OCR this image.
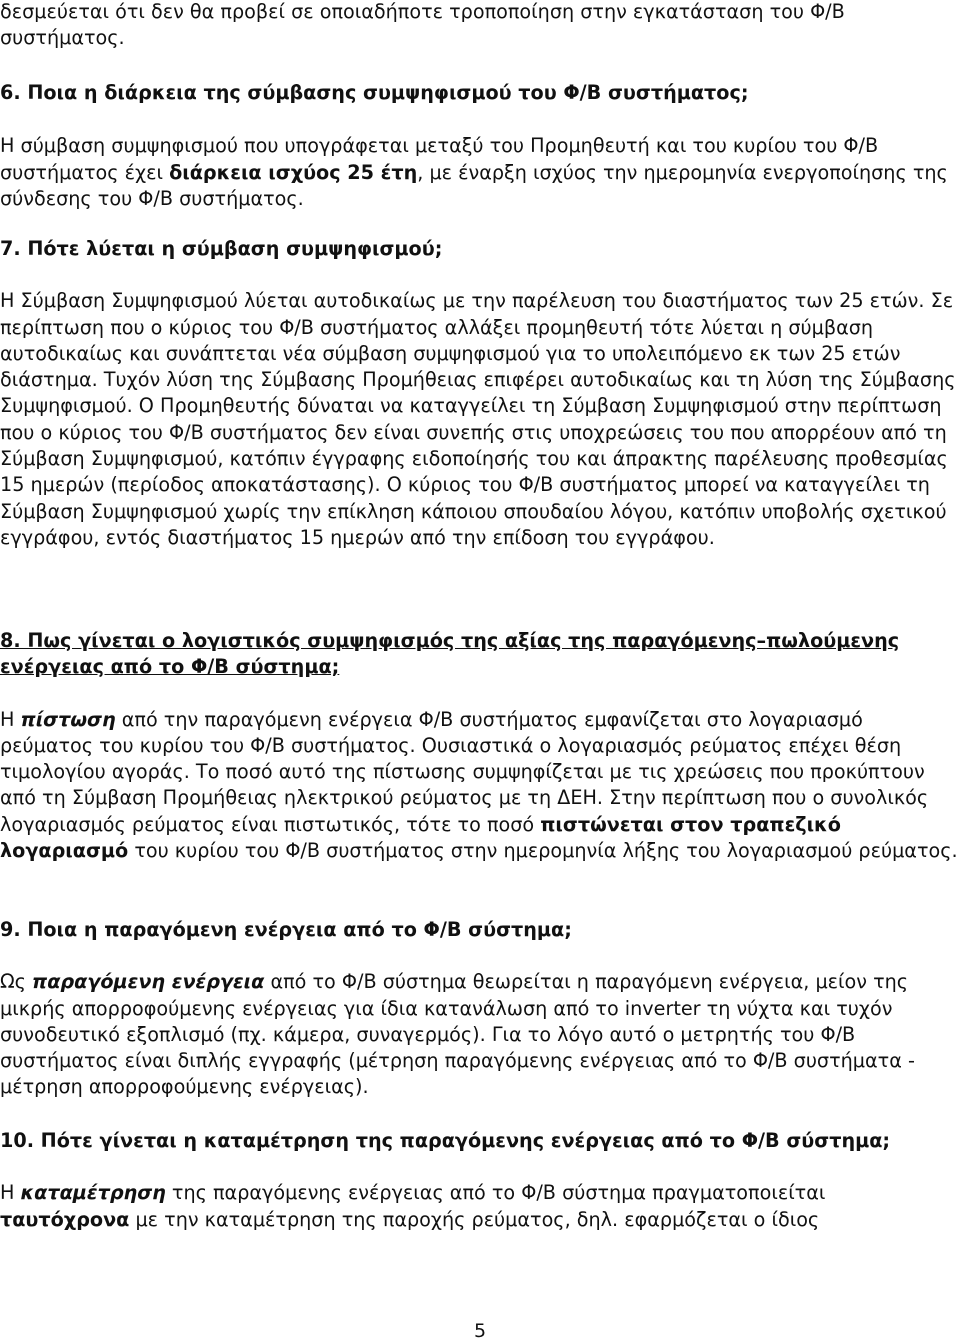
δεσμεύεται ότι δεν θα προβεί σε οποιαδήποτε τροποποίηση στην εγκατάσταση του Φ/Β συστήματος.

6. Ποια η διάρκεια της σύμβασης συμψηφισμού του Φ/Β συστήματος;

Η σύμβαση συμψηφισμού που υπογράφεται μεταξύ του Προμηθευτή και του κυρίου του Φ/Β συστήματος έχει διάρκεια ισχύος 25 έτη, με έναρξη ισχύος την ημερομηνία ενεργοποίησης της σύνδεσης του Φ/Β συστήματος.

7. Πότε λύεται η σύμβαση συμψηφισμού;

Η Σύμβαση Συμψηφισμού λύεται αυτοδικαίως με την παρέλευση του διαστήματος των 25 ετών. Σε περίπτωση που ο κύριος του Φ/Β συστήματος αλλάξει προμηθευτή τότε λύεται η σύμβαση αυτοδικαίως και συνάπτεται νέα σύμβαση συμψηφισμού για το υπολειπόμενο εκ των 25 ετών διάστημα. Τυχόν λύση της Σύμβασης Προμήθειας επιφέρει αυτοδικαίως και τη λύση της Σύμβασης Συμψηφισμού. Ο Προμηθευτής δύναται να καταγγείλει τη Σύμβαση Συμψηφισμού στην περίπτωση που ο κύριος του Φ/Β συστήματος δεν είναι συνεπής στις υποχρεώσεις του που απορρέουν από τη Σύμβαση Συμψηφισμού, κατόπιν έγγραφης ειδοποίησής του και άπρακτης παρέλευσης προθεσμίας 15 ημερών (περίοδος αποκατάστασης). Ο κύριος του Φ/Β συστήματος μπορεί να καταγγείλει τη Σύμβαση Συμψηφισμού χωρίς την επίκληση κάποιου σπουδαίου λόγου, κατόπιν υποβολής σχετικού εγγράφου, εντός διαστήματος 15 ημερών από την επίδοση του εγγράφου.

8. Πως γίνεται ο λογιστικός συμψηφισμός της αξίας της παραγόμενης–πωλούμενης ενέργειας από το Φ/Β σύστημα;

Η πίστωση από την παραγόμενη ενέργεια Φ/Β συστήματος εμφανίζεται στο λογαριασμό ρεύματος του κυρίου του Φ/Β συστήματος. Ουσιαστικά ο λογαριασμός ρεύματος επέχει θέση τιμολογίου αγοράς. Το ποσό αυτό της πίστωσης συμψηφίζεται με τις χρεώσεις που προκύπτουν από τη Σύμβαση Προμήθειας ηλεκτρικού ρεύματος με τη ΔΕΗ. Στην περίπτωση που ο συνολικός λογαριασμός ρεύματος είναι πιστωτικός, τότε το ποσό πιστώνεται στον τραπεζικό λογαριασμό του κυρίου του Φ/Β συστήματος στην ημερομηνία λήξης του λογαριασμού ρεύματος.

9. Ποια η παραγόμενη ενέργεια από το Φ/Β σύστημα;

Ως παραγόμενη ενέργεια από το Φ/Β σύστημα θεωρείται η παραγόμενη ενέργεια, μείον της μικρής απορροφούμενης ενέργειας για ίδια κατανάλωση από το inverter τη νύχτα και τυχόν συνοδευτικό εξοπλισμό (πχ. κάμερα, συναγερμός). Για το λόγο αυτό ο μετρητής του Φ/Β συστήματος είναι διπλής εγγραφής (μέτρηση παραγόμενης ενέργειας από το Φ/Β συστήματα - μέτρηση απορροφούμενης ενέργειας).

10. Πότε γίνεται η καταμέτρηση της παραγόμενης ενέργειας από το Φ/Β σύστημα;

Η καταμέτρηση της παραγόμενης ενέργειας από το Φ/Β σύστημα πραγματοποιείται ταυτόχρονα με την καταμέτρηση της παροχής ρεύματος, δηλ. εφαρμόζεται ο ίδιος

5
